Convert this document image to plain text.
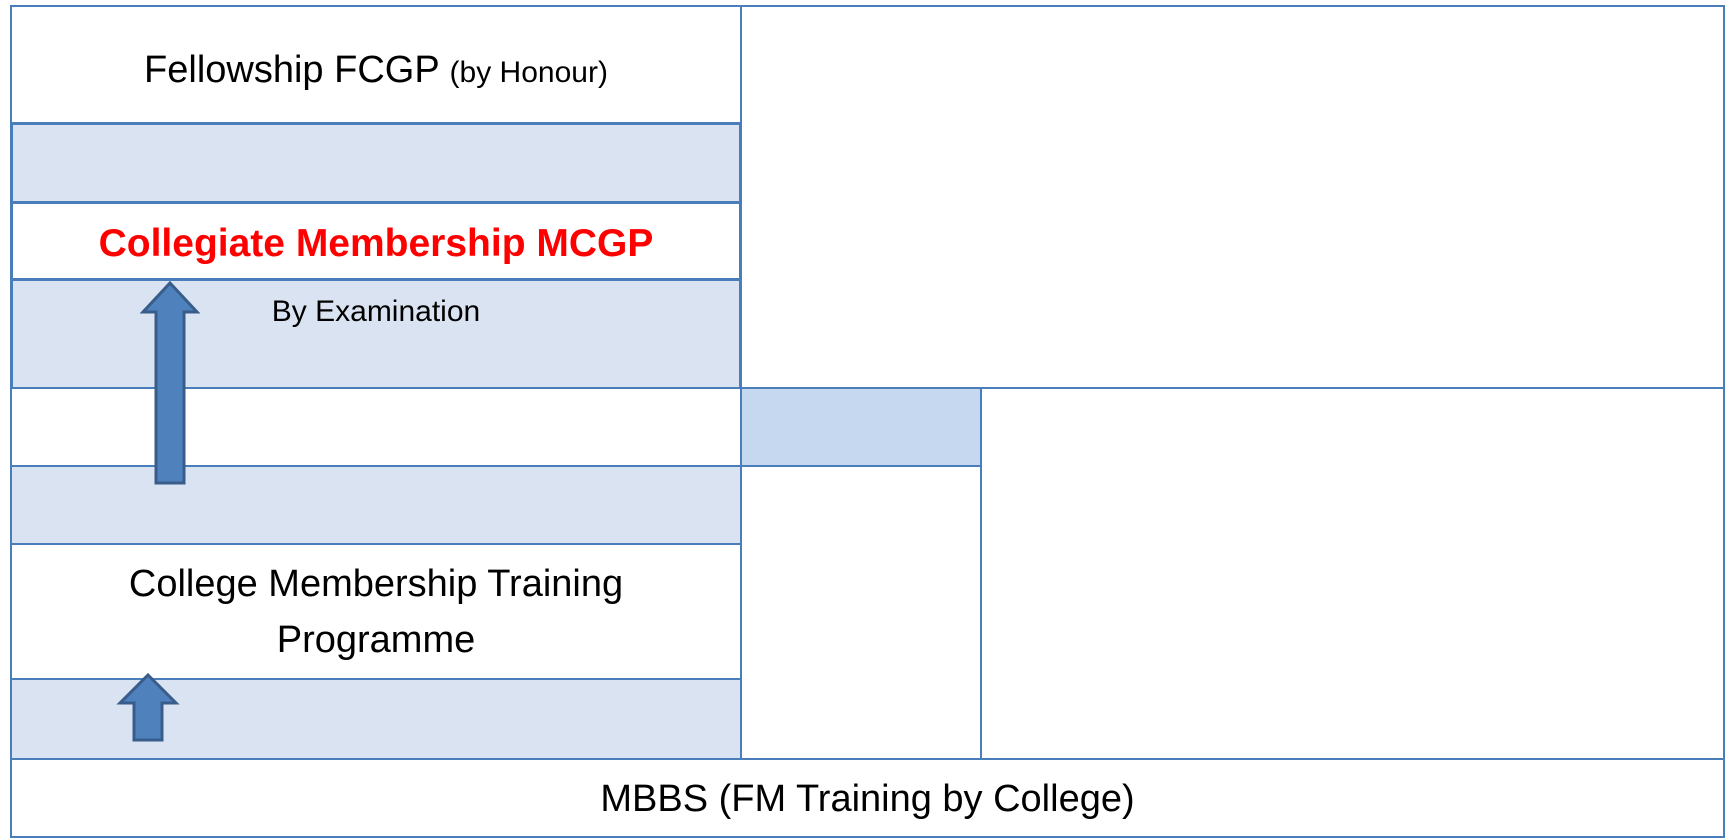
Fellowship FCGP (by Honour)
Collegiate Membership MCGP
By Examination
College Membership Training
Programme
MBBS (FM Training by College)
